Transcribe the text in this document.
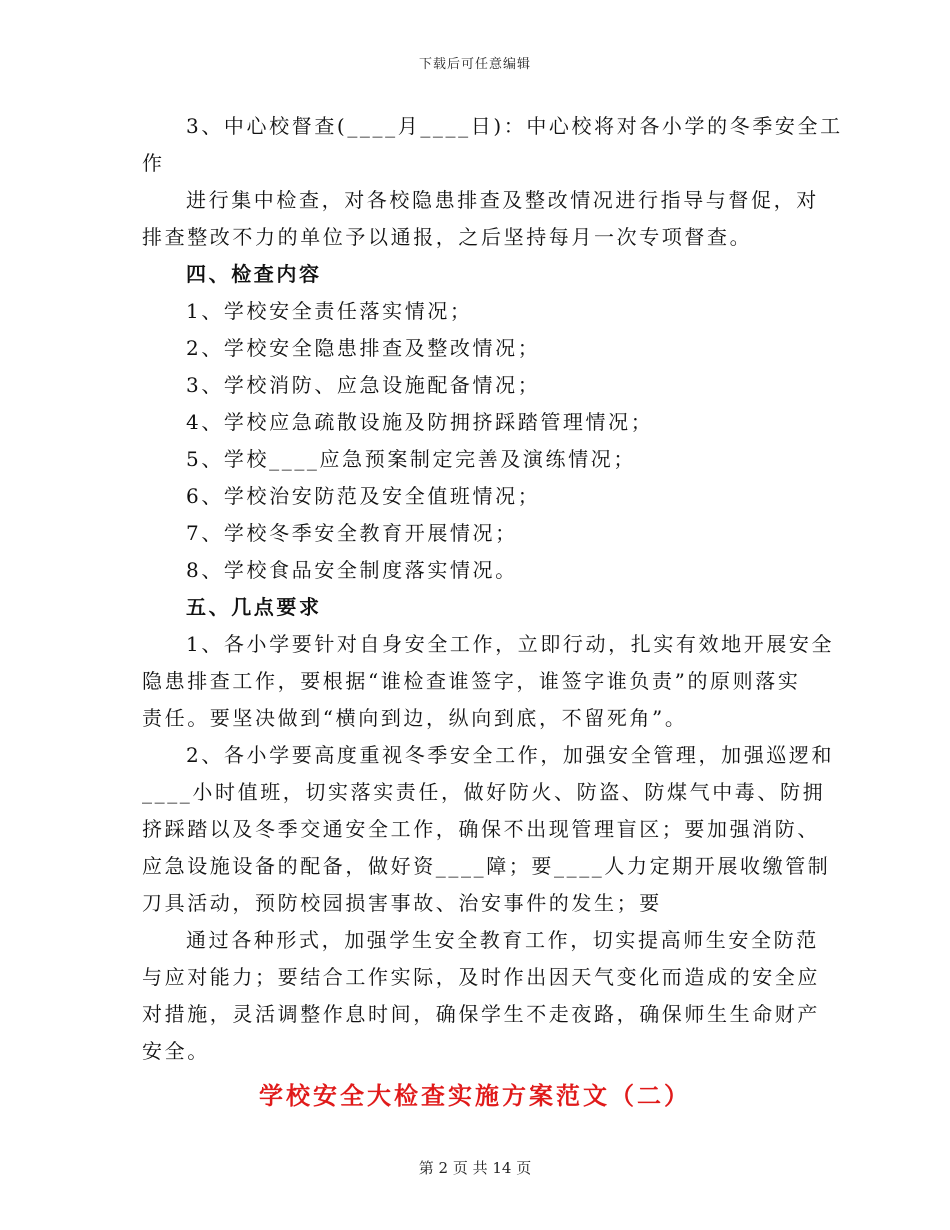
下载后可任意编辑
3、中心校督查(____月____日)：中心校将对各小学的冬季安全工
作
进行集中检查，对各校隐患排查及整改情况进行指导与督促，对
排查整改不力的单位予以通报，之后坚持每月一次专项督查。
四、检查内容
1、学校安全责任落实情况；
2、学校安全隐患排查及整改情况；
3、学校消防、应急设施配备情况；
4、学校应急疏散设施及防拥挤踩踏管理情况；
5、学校____应急预案制定完善及演练情况；
6、学校治安防范及安全值班情况；
7、学校冬季安全教育开展情况；
8、学校食品安全制度落实情况。
五、几点要求
1、各小学要针对自身安全工作，立即行动，扎实有效地开展安全
隐患排查工作，要根据“谁检查谁签字，谁签字谁负责”的原则落实
责任。要坚决做到“横向到边，纵向到底，不留死角”。
2、各小学要高度重视冬季安全工作，加强安全管理，加强巡逻和
____小时值班，切实落实责任，做好防火、防盗、防煤气中毒、防拥
挤踩踏以及冬季交通安全工作，确保不出现管理盲区；要加强消防、
应急设施设备的配备，做好资____障；要____人力定期开展收缴管制
刀具活动，预防校园损害事故、治安事件的发生；要
通过各种形式，加强学生安全教育工作，切实提高师生安全防范
与应对能力；要结合工作实际，及时作出因天气变化而造成的安全应
对措施，灵活调整作息时间，确保学生不走夜路，确保师生生命财产
安全。
学校安全大检查实施方案范文（二）
第 2 页 共 14 页
